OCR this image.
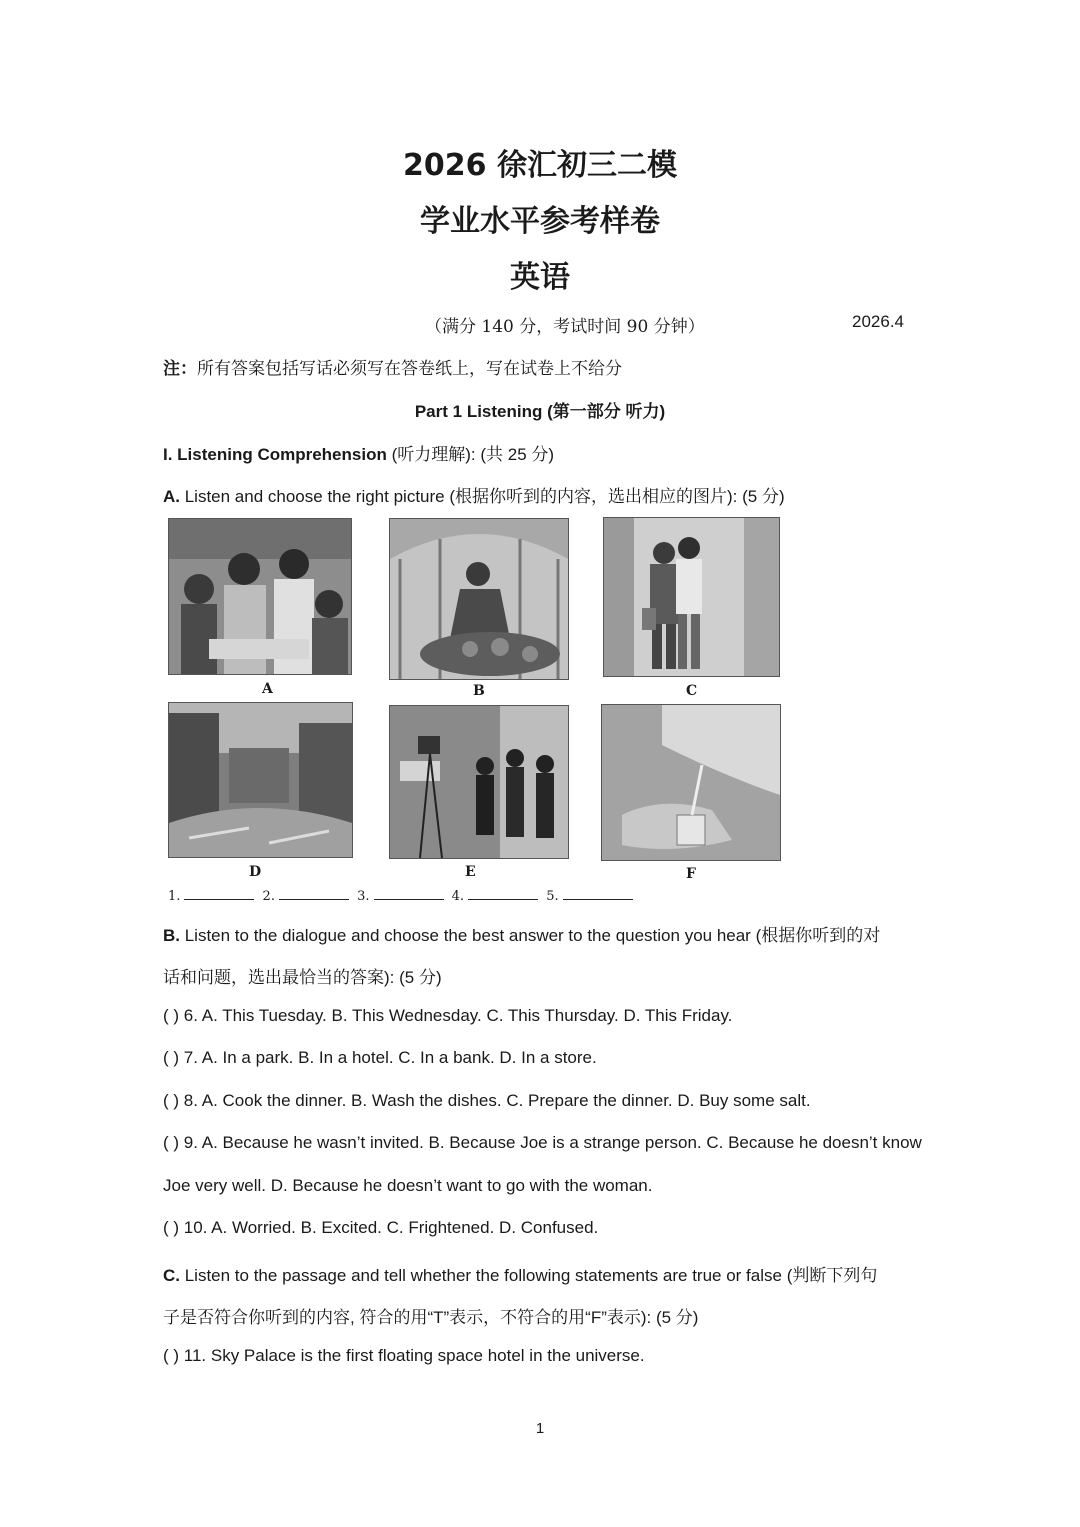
2026 徐汇初三二模
学业水平参考样卷
英语
（满分 140 分，考试时间 90 分钟）	2026.4
注：所有答案包括写话必须写在答卷纸上，写在试卷上不给分
Part 1 Listening (第一部分 听力)
I. Listening Comprehension (听力理解): (共 25 分)
A. Listen and choose the right picture (根据你听到的内容，选出相应的图片): (5 分)
A	B	C
D	E	F
1.	2.	3.	4.	5.
B. Listen to the dialogue and choose the best answer to the question you hear (根据你听到的对
话和问题，选出最恰当的答案): (5 分)
( ) 6. A. This Tuesday. B. This Wednesday. C. This Thursday. D. This Friday.
( ) 7. A. In a park. B. In a hotel. C. In a bank. D. In a store.
( ) 8. A. Cook the dinner. B. Wash the dishes. C. Prepare the dinner. D. Buy some salt.
( ) 9. A. Because he wasn’t invited. B. Because Joe is a strange person. C. Because he doesn’t know
Joe very well. D. Because he doesn’t want to go with the woman.
( ) 10. A. Worried. B. Excited. C. Frightened. D. Confused.
C. Listen to the passage and tell whether the following statements are true or false (判断下列句
子是否符合你听到的内容, 符合的用“T”表示，不符合的用“F”表示): (5 分)
( ) 11. Sky Palace is the first floating space hotel in the universe.
1
